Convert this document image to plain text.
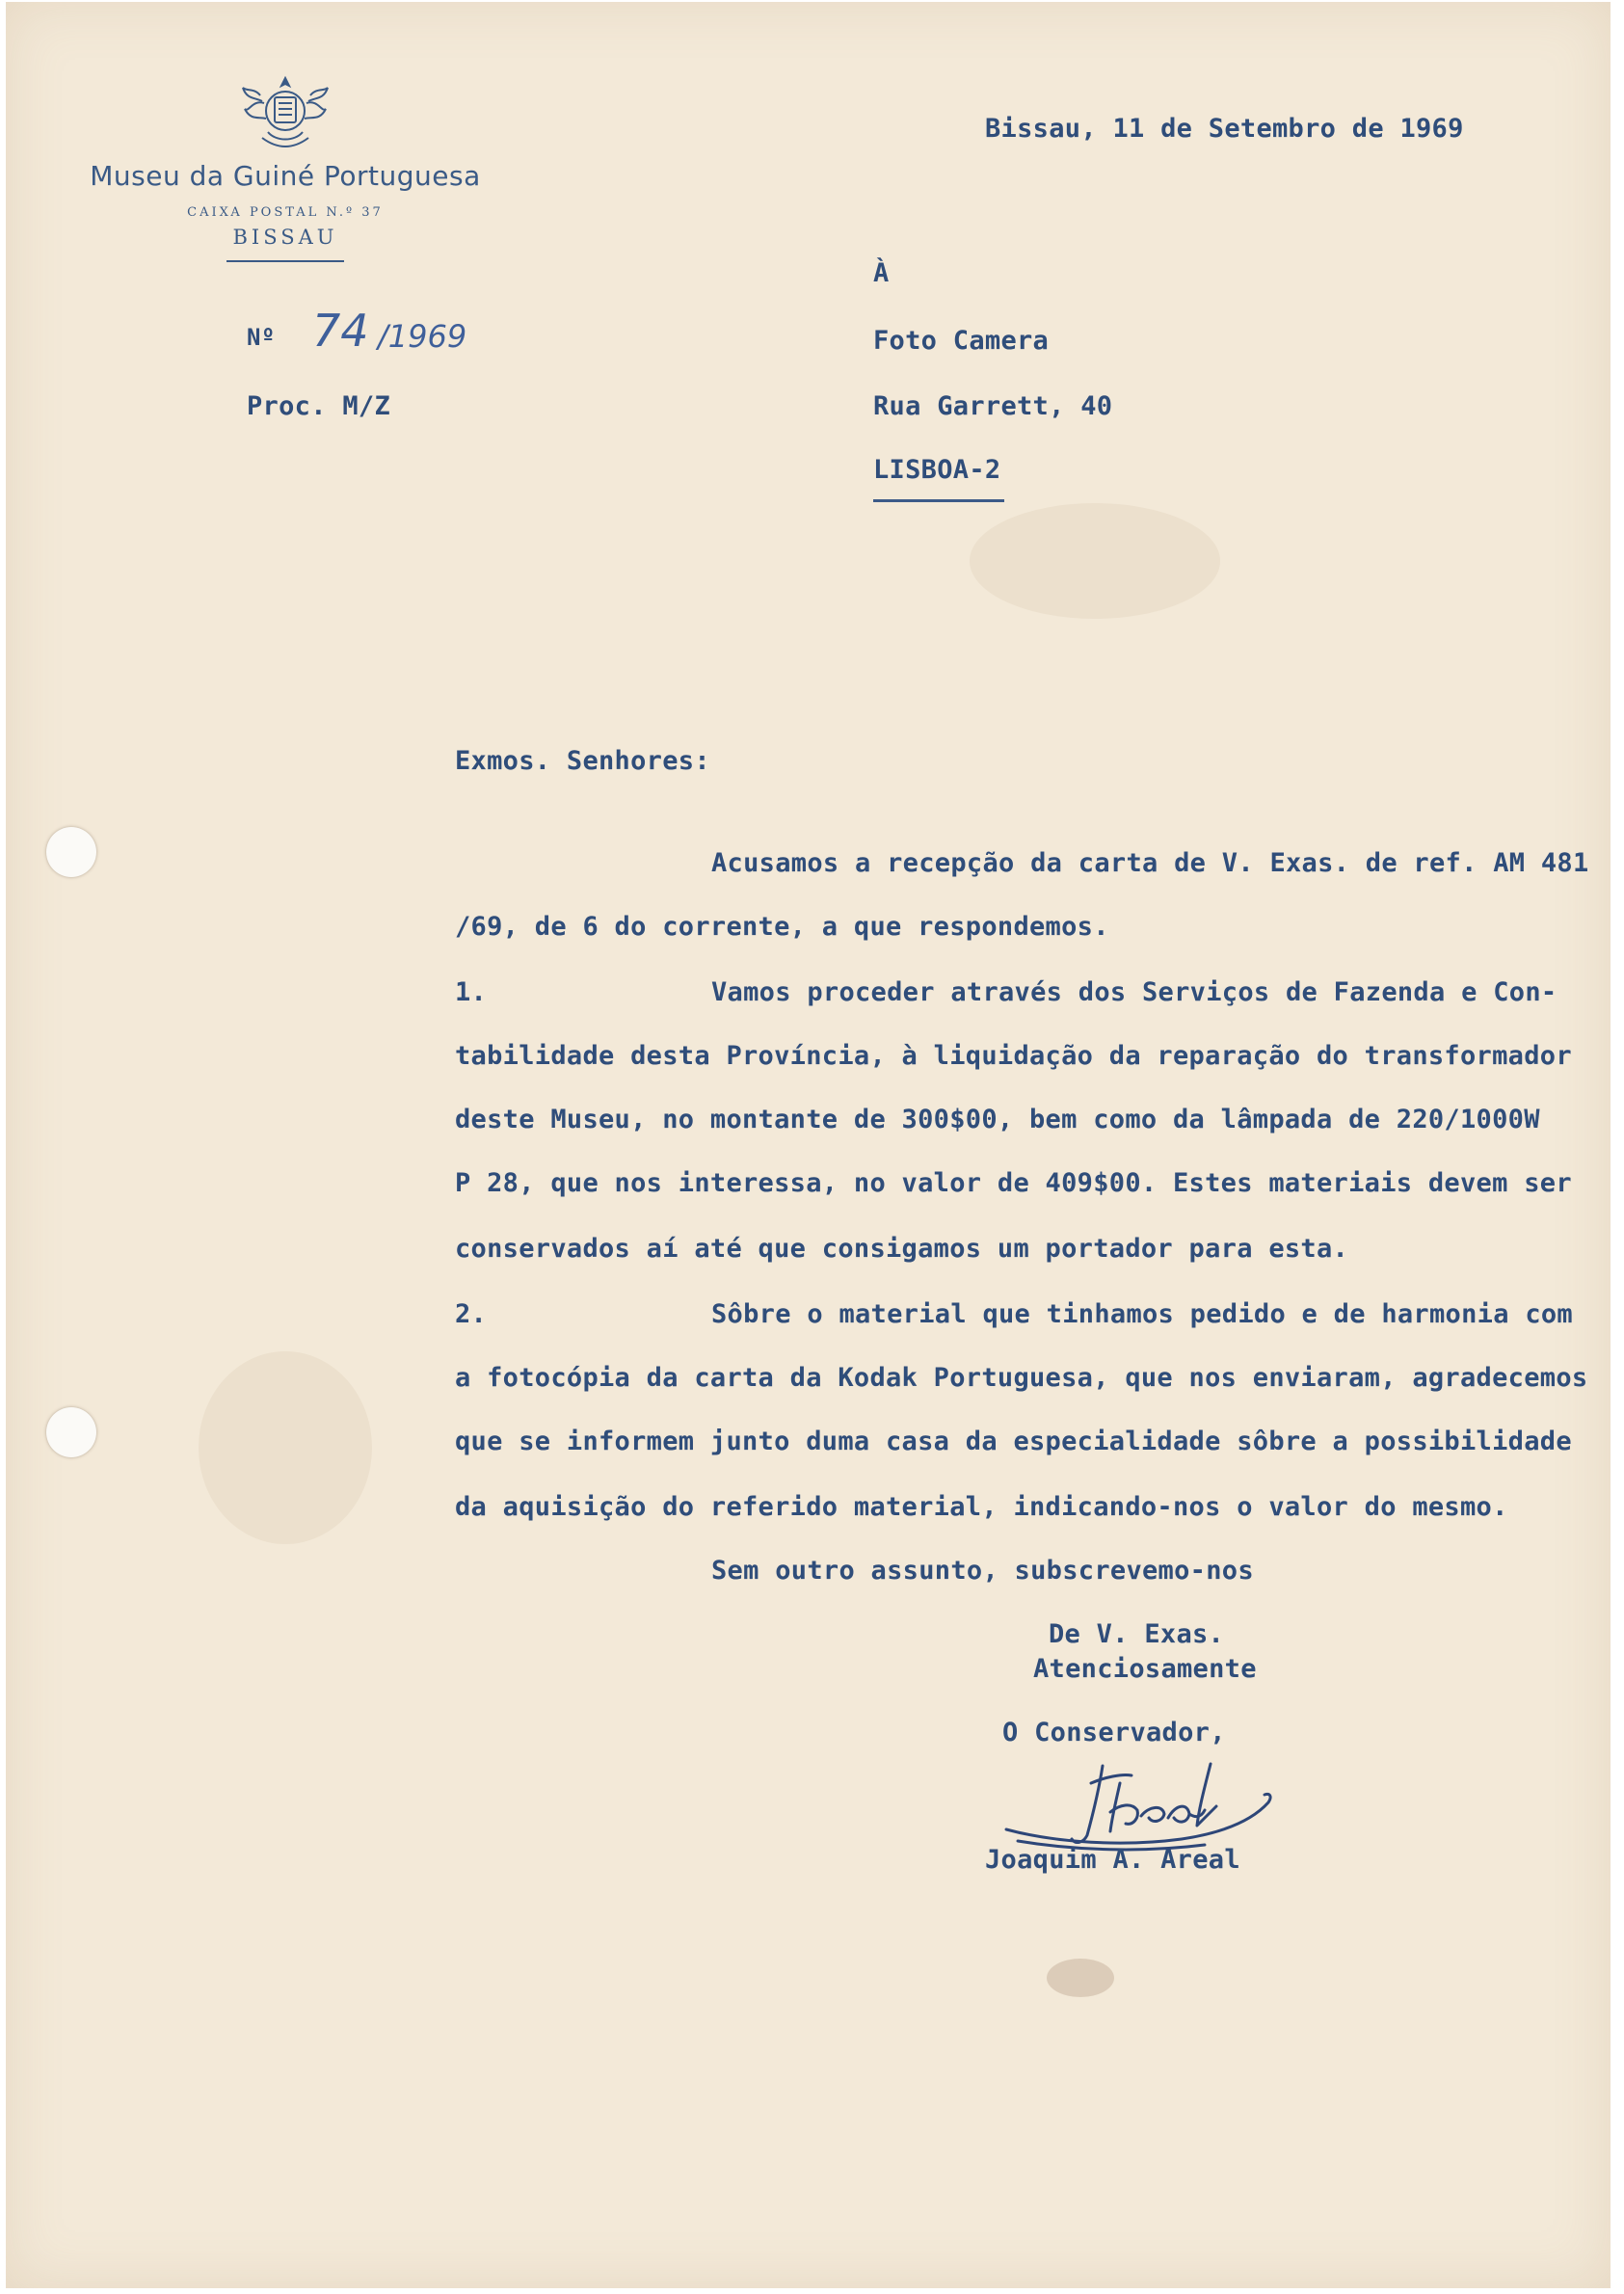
Museu da Guiné Portuguesa
CAIXA POSTAL N.º 37
BISSAU
Nº 74 /1969
Proc. M/Z
Bissau, 11 de Setembro de 1969
À
Foto Camera
Rua Garrett, 40
LISBOA-2
Exmos. Senhores:
Acusamos a recepção da carta de V. Exas. de ref. AM 481
/69, de 6 do corrente, a que respondemos.
1.	Vamos proceder através dos Serviços de Fazenda e Con-
tabilidade desta Província, à liquidação da reparação do transformador
deste Museu, no montante de 300$00, bem como da lâmpada de 220/1000W
P 28, que nos interessa, no valor de 409$00. Estes materiais devem ser
conservados aí até que consigamos um portador para esta.
2.	Sôbre o material que tinhamos pedido e de harmonia com
a fotocópia da carta da Kodak Portuguesa, que nos enviaram, agradecemos
que se informem junto duma casa da especialidade sôbre a possibilidade
da aquisição do referido material, indicando-nos o valor do mesmo.
Sem outro assunto, subscrevemo-nos
De V. Exas.
Atenciosamente
O Conservador,
Joaquim A. Areal
